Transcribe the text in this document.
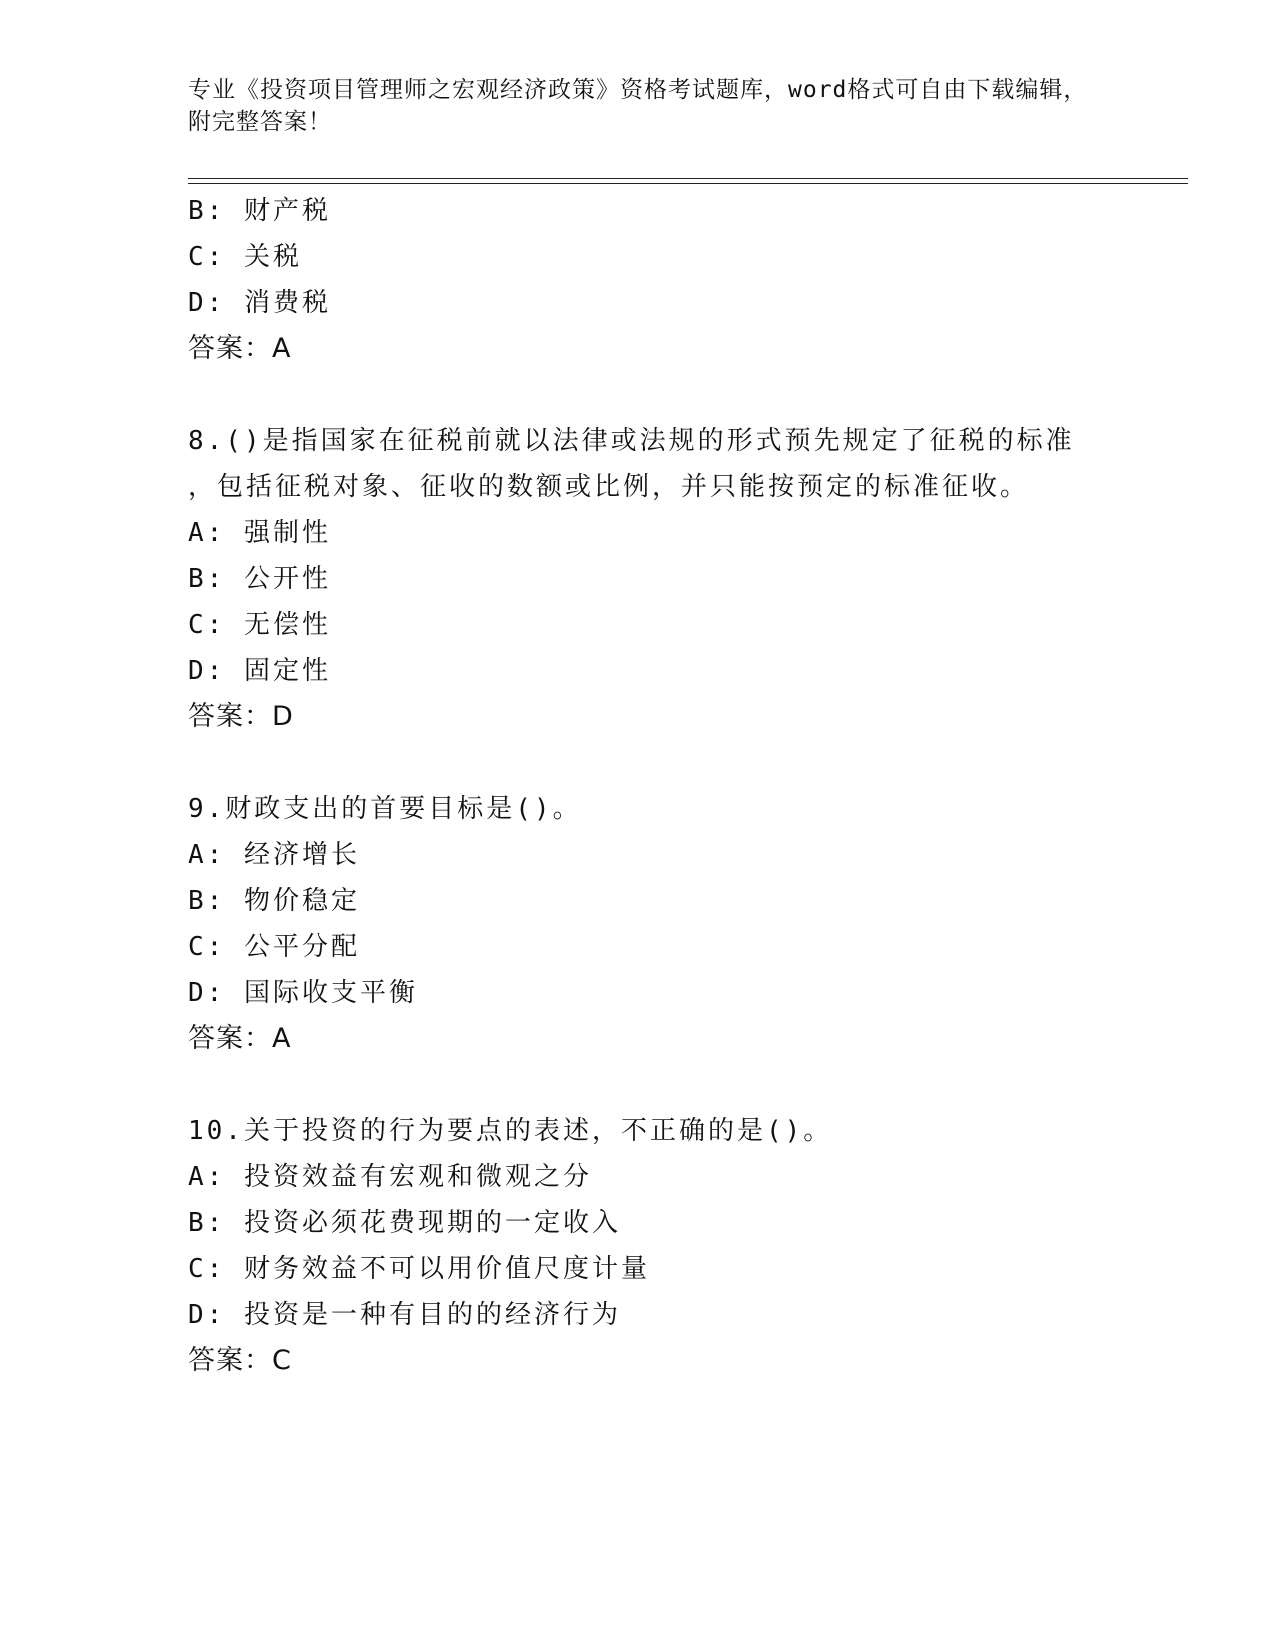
专业《投资项目管理师之宏观经济政策》资格考试题库，word格式可自由下载编辑，附完整答案！
B: 财产税
C: 关税
D: 消费税
答案：A
8.()是指国家在征税前就以法律或法规的形式预先规定了征税的标准
，包括征税对象、征收的数额或比例，并只能按预定的标准征收。
A: 强制性
B: 公开性
C: 无偿性
D: 固定性
答案：D
9.财政支出的首要目标是()。
A: 经济增长
B: 物价稳定
C: 公平分配
D: 国际收支平衡
答案：A
10.关于投资的行为要点的表述，不正确的是()。
A: 投资效益有宏观和微观之分
B: 投资必须花费现期的一定收入
C: 财务效益不可以用价值尺度计量
D: 投资是一种有目的的经济行为
答案：C
